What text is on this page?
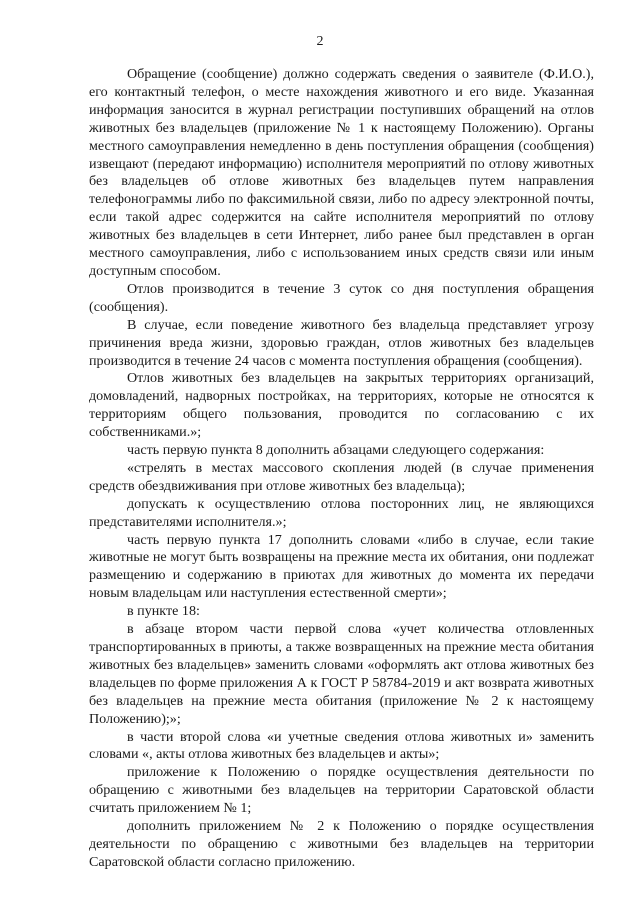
2

Обращение (сообщение) должно содержать сведения о заявителе (Ф.И.О.), его контактный телефон, о месте нахождения животного и его виде. Указанная информация заносится в журнал регистрации поступивших обращений на отлов животных без владельцев (приложение № 1 к настоящему Положению). Органы местного самоуправления немедленно в день поступления обращения (сообщения) извещают (передают информацию) исполнителя мероприятий по отлову животных без владельцев об отлове животных без владельцев путем направления телефонограммы либо по факсимильной связи, либо по адресу электронной почты, если такой адрес содержится на сайте исполнителя мероприятий по отлову животных без владельцев в сети Интернет, либо ранее был представлен в орган местного самоуправления, либо с использованием иных средств связи или иным доступным способом.

Отлов производится в течение 3 суток со дня поступления обращения (сообщения).

В случае, если поведение животного без владельца представляет угрозу причинения вреда жизни, здоровью граждан, отлов животных без владельцев производится в течение 24 часов с момента поступления обращения (сообщения).

Отлов животных без владельцев на закрытых территориях организаций, домовладений, надворных постройках, на территориях, которые не относятся к территориям общего пользования, проводится по согласованию с их собственниками.»;

часть первую пункта 8 дополнить абзацами следующего содержания:

«стрелять в местах массового скопления людей (в случае применения средств обездвиживания при отлове животных без владельца);

допускать к осуществлению отлова посторонних лиц, не являющихся представителями исполнителя.»;

часть первую пункта 17 дополнить словами «либо в случае, если такие животные не могут быть возвращены на прежние места их обитания, они подлежат размещению и содержанию в приютах для животных до момента их передачи новым владельцам или наступления естественной смерти»;

в пункте 18:

в абзаце втором части первой слова «учет количества отловленных транспортированных в приюты, а также возвращенных на прежние места обитания животных без владельцев» заменить словами «оформлять акт отлова животных без владельцев по форме приложения А к ГОСТ Р 58784-2019 и акт возврата животных без владельцев на прежние места обитания (приложение № 2 к настоящему Положению);»;

в части второй слова «и учетные сведения отлова животных и» заменить словами «, акты отлова животных без владельцев и акты»;

приложение к Положению о порядке осуществления деятельности по обращению с животными без владельцев на территории Саратовской области считать приложением № 1;

дополнить приложением № 2 к Положению о порядке осуществления деятельности по обращению с животными без владельцев на территории Саратовской области согласно приложению.
